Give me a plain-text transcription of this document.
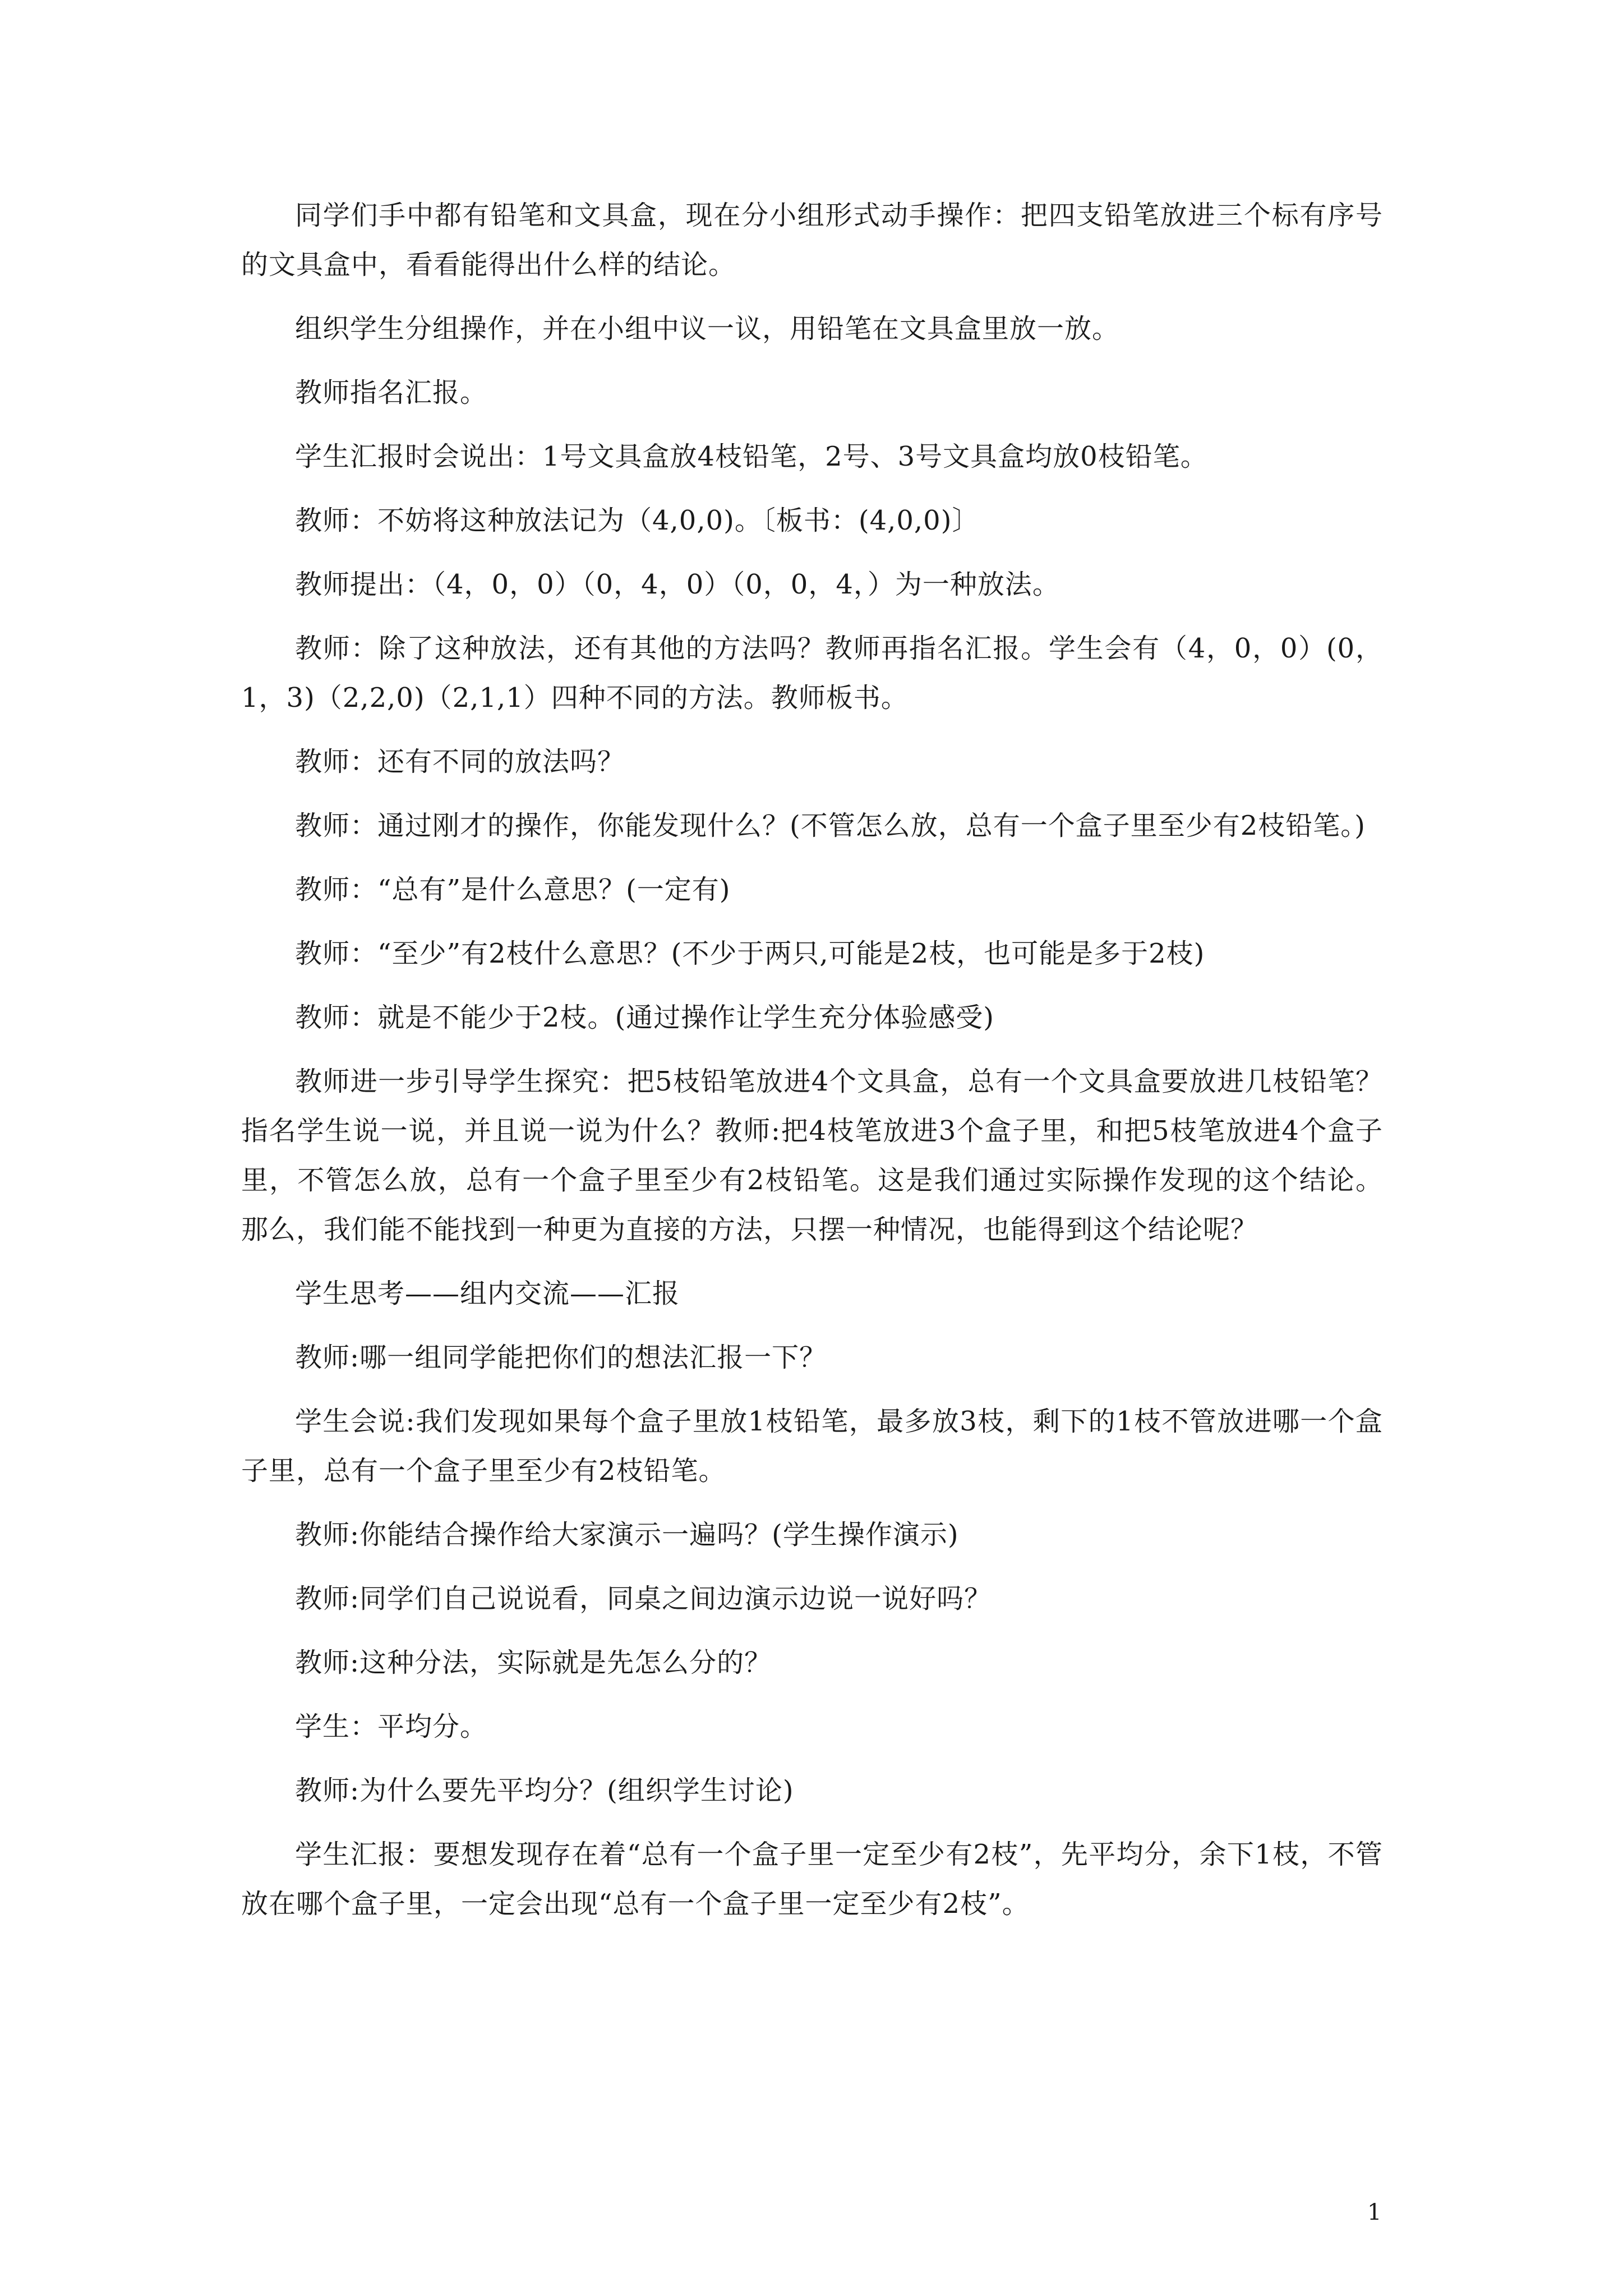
同学们手中都有铅笔和文具盒，现在分小组形式动手操作：把四支铅笔放进三个标有序号的文具盒中，看看能得出什么样的结论。

组织学生分组操作，并在小组中议一议，用铅笔在文具盒里放一放。

教师指名汇报。

学生汇报时会说出：1号文具盒放4枝铅笔，2号、3号文具盒均放0枝铅笔。

教师：不妨将这种放法记为（4,0,0)。〔板书：(4,0,0)〕

教师提出：（4，0，0）（0，4，0）（0，0，4，）为一种放法。

教师：除了这种放法，还有其他的方法吗？教师再指名汇报。学生会有（4，0，0）(0，1，3)（2,2,0)（2,1,1）四种不同的方法。教师板书。

教师：还有不同的放法吗？

教师：通过刚才的操作，你能发现什么？(不管怎么放，总有一个盒子里至少有2枝铅笔。)

教师：“总有”是什么意思？(一定有)

教师：“至少”有2枝什么意思？(不少于两只,可能是2枝，也可能是多于2枝)

教师：就是不能少于2枝。(通过操作让学生充分体验感受)

教师进一步引导学生探究：把5枝铅笔放进4个文具盒，总有一个文具盒要放进几枝铅笔？指名学生说一说，并且说一说为什么？教师:把4枝笔放进3个盒子里，和把5枝笔放进4个盒子里，不管怎么放，总有一个盒子里至少有2枝铅笔。这是我们通过实际操作发现的这个结论。那么，我们能不能找到一种更为直接的方法，只摆一种情况，也能得到这个结论呢？

学生思考——组内交流——汇报

教师:哪一组同学能把你们的想法汇报一下？

学生会说:我们发现如果每个盒子里放1枝铅笔，最多放3枝，剩下的1枝不管放进哪一个盒子里，总有一个盒子里至少有2枝铅笔。

教师:你能结合操作给大家演示一遍吗？(学生操作演示)

教师:同学们自己说说看，同桌之间边演示边说一说好吗？

教师:这种分法，实际就是先怎么分的？

学生：平均分。

教师:为什么要先平均分？(组织学生讨论)

学生汇报：要想发现存在着“总有一个盒子里一定至少有2枝”，先平均分，余下1枝，不管放在哪个盒子里，一定会出现“总有一个盒子里一定至少有2枝”。

1
